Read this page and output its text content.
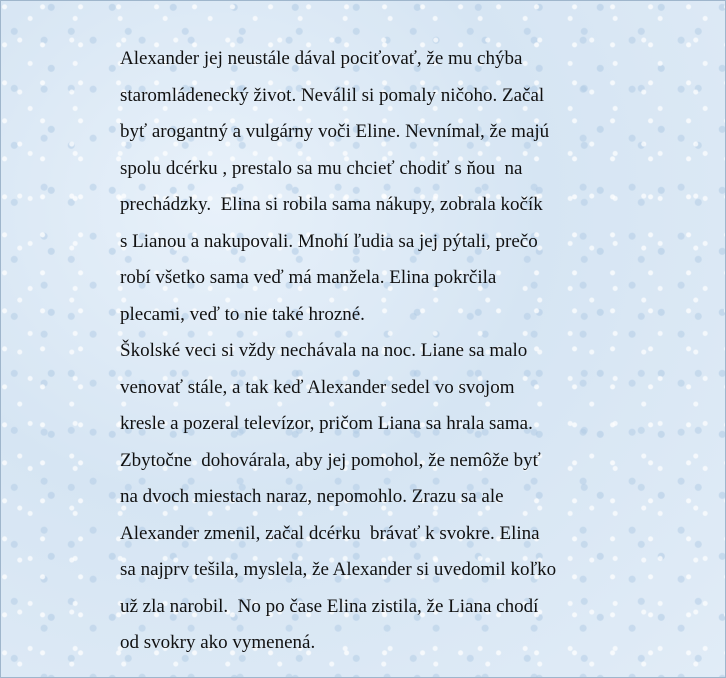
Alexander jej neustále dával pociťovať, že mu chýba
staromládenecký život. Neválil si pomaly ničoho. Začal
byť arogantný a vulgárny voči Eline. Nevnímal, že majú
spolu dcérku , prestalo sa mu chcieť chodiť s ňou  na
prechádzky.  Elina si robila sama nákupy, zobrala kočík
s Lianou a nakupovali. Mnohí ľudia sa jej pýtali, prečo
robí všetko sama veď má manžela. Elina pokrčila
plecami, veď to nie také hrozné.
Školské veci si vždy nechávala na noc. Liane sa malo
venovať stále, a tak keď Alexander sedel vo svojom
kresle a pozeral televízor, pričom Liana sa hrala sama.
Zbytočne  dohovárala, aby jej pomohol, že nemôže byť
na dvoch miestach naraz, nepomohlo. Zrazu sa ale
Alexander zmenil, začal dcérku  brávať k svokre. Elina
sa najprv tešila, myslela, že Alexander si uvedomil koľko
už zla narobil.  No po čase Elina zistila, že Liana chodí
od svokry ako vymenená.
